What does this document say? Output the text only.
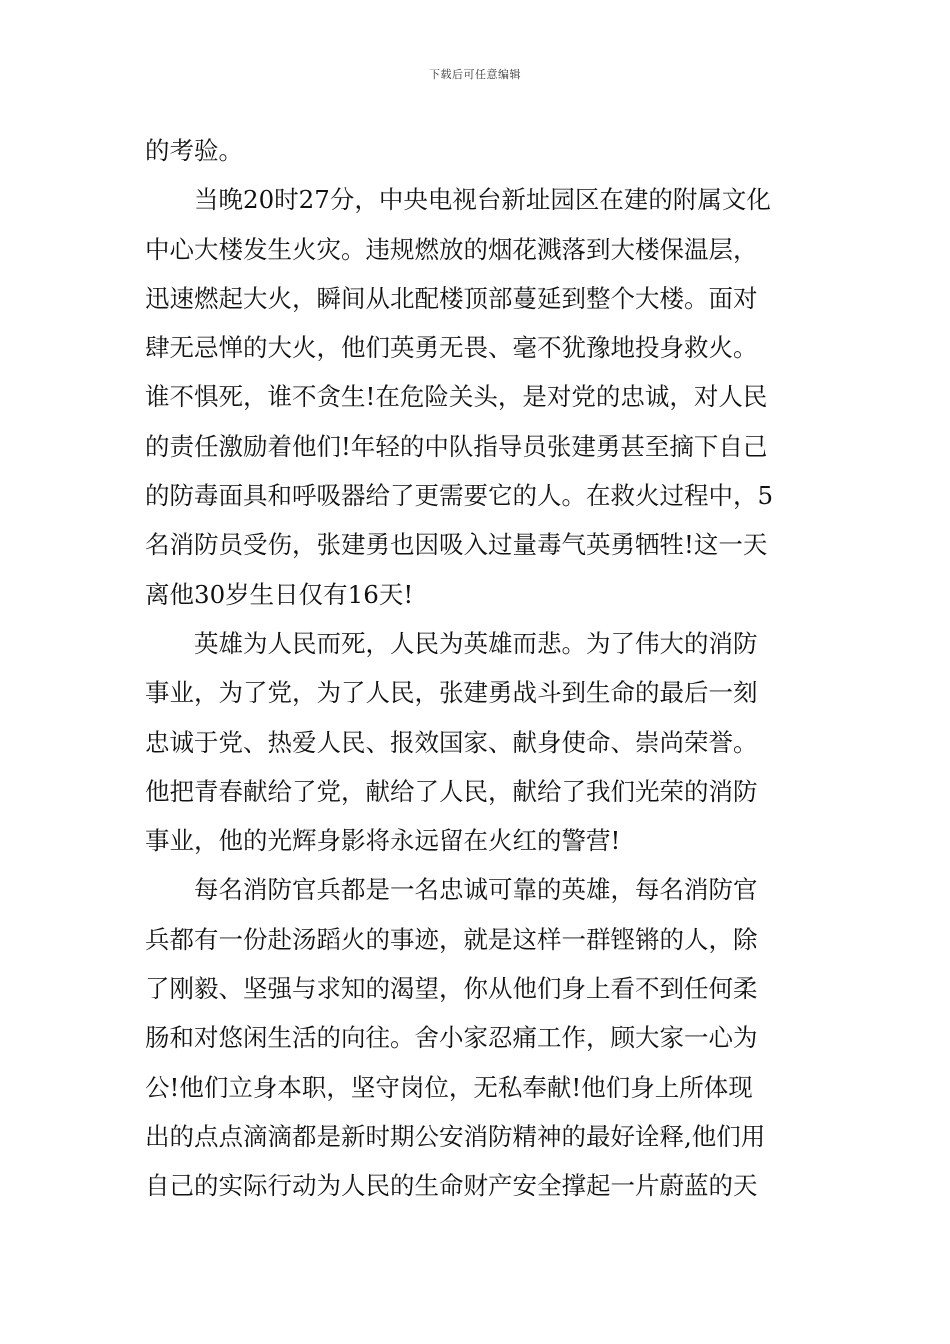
下载后可任意编辑

的考验。

当晚20时27分，中央电视台新址园区在建的附属文化

中心大楼发生火灾。违规燃放的烟花溅落到大楼保温层，

迅速燃起大火，瞬间从北配楼顶部蔓延到整个大楼。面对

肆无忌惮的大火，他们英勇无畏、毫不犹豫地投身救火。

谁不惧死，谁不贪生!在危险关头，是对党的忠诚，对人民

的责任激励着他们!年轻的中队指导员张建勇甚至摘下自己

的防毒面具和呼吸器给了更需要它的人。在救火过程中，5

名消防员受伤，张建勇也因吸入过量毒气英勇牺牲!这一天

离他30岁生日仅有16天!

英雄为人民而死，人民为英雄而悲。为了伟大的消防

事业，为了党，为了人民，张建勇战斗到生命的最后一刻

忠诚于党、热爱人民、报效国家、献身使命、崇尚荣誉。

他把青春献给了党，献给了人民，献给了我们光荣的消防

事业，他的光辉身影将永远留在火红的警营!

每名消防官兵都是一名忠诚可靠的英雄，每名消防官

兵都有一份赴汤蹈火的事迹，就是这样一群铿锵的人，除

了刚毅、坚强与求知的渴望，你从他们身上看不到任何柔

肠和对悠闲生活的向往。舍小家忍痛工作，顾大家一心为

公!他们立身本职，坚守岗位，无私奉献!他们身上所体现

出的点点滴滴都是新时期公安消防精神的最好诠释,他们用

自己的实际行动为人民的生命财产安全撑起一片蔚蓝的天
